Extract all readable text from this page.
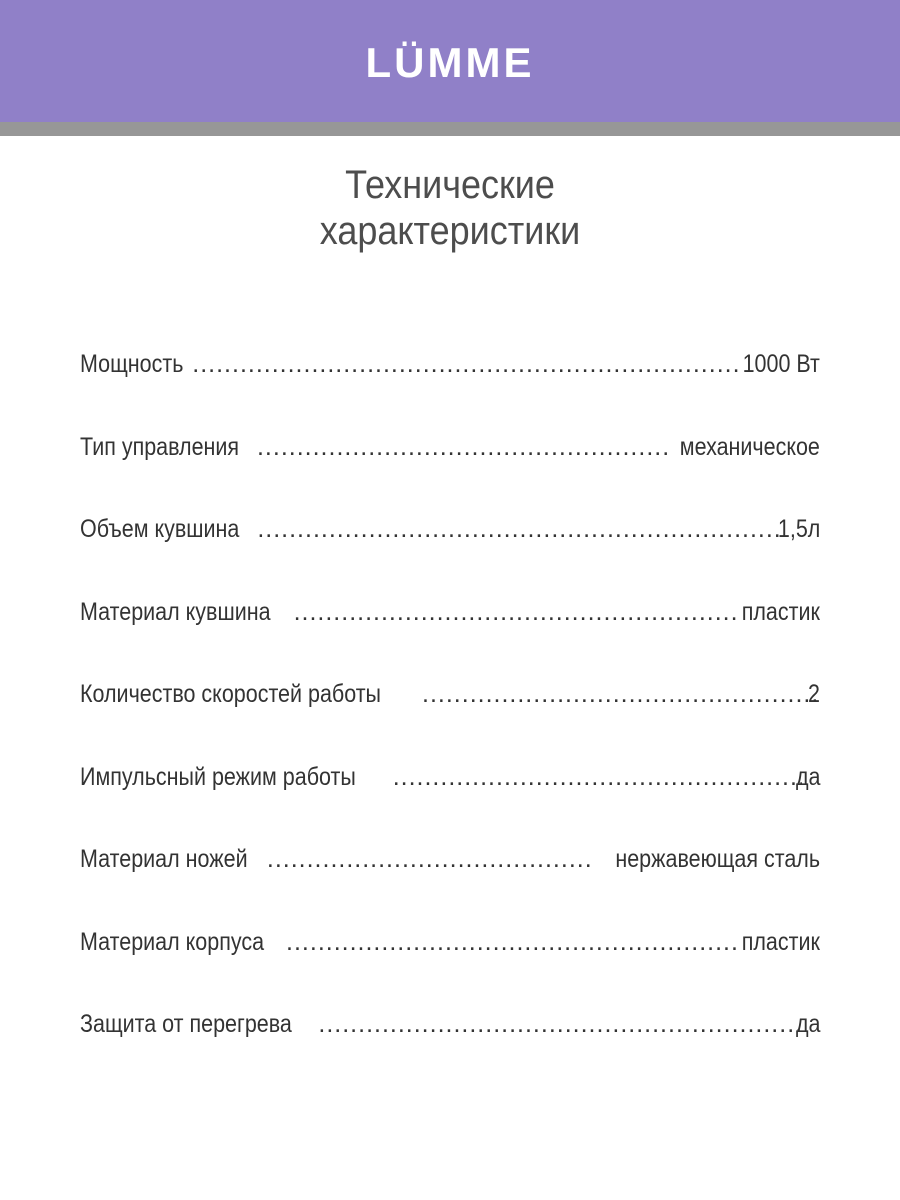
LÜMME
Технические
характеристики
Мощность .....	1000 Вт
Тип управления .....	механическое
Объем кувшина .....	1,5л
Материал кувшина .....	пластик
Количество скоростей работы .....	2
Импульсный режим работы .....	да
Материал ножей .....	нержавеющая сталь
Материал корпуса .....	пластик
Защита от перегрева .....	да
